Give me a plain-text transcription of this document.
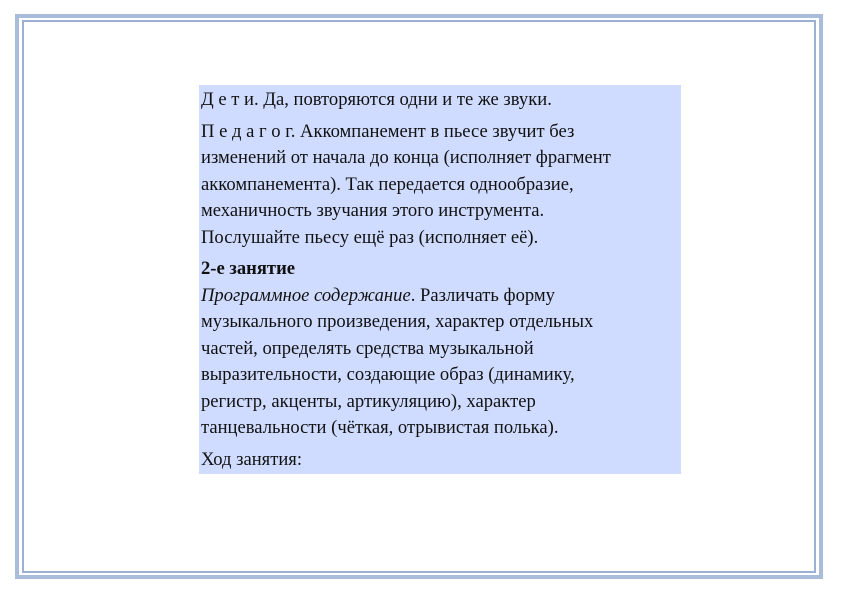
Д е т и. Да, повторяются одни и те же звуки.
П е д а г о г. Аккомпанемент в пьесе звучит без
изменений от начала до конца (исполняет фрагмент
аккомпанемента). Так передается однообразие,
механичность звучания этого инструмента.
Послушайте пьесу ещё раз (исполняет её).
2-е занятие
Программное содержание. Различать форму
музыкального произведения, характер отдельных
частей, определять средства музыкальной
выразительности, создающие образ (динамику,
регистр, акценты, артикуляцию), характер
танцевальности (чёткая, отрывистая полька).
Ход занятия:
